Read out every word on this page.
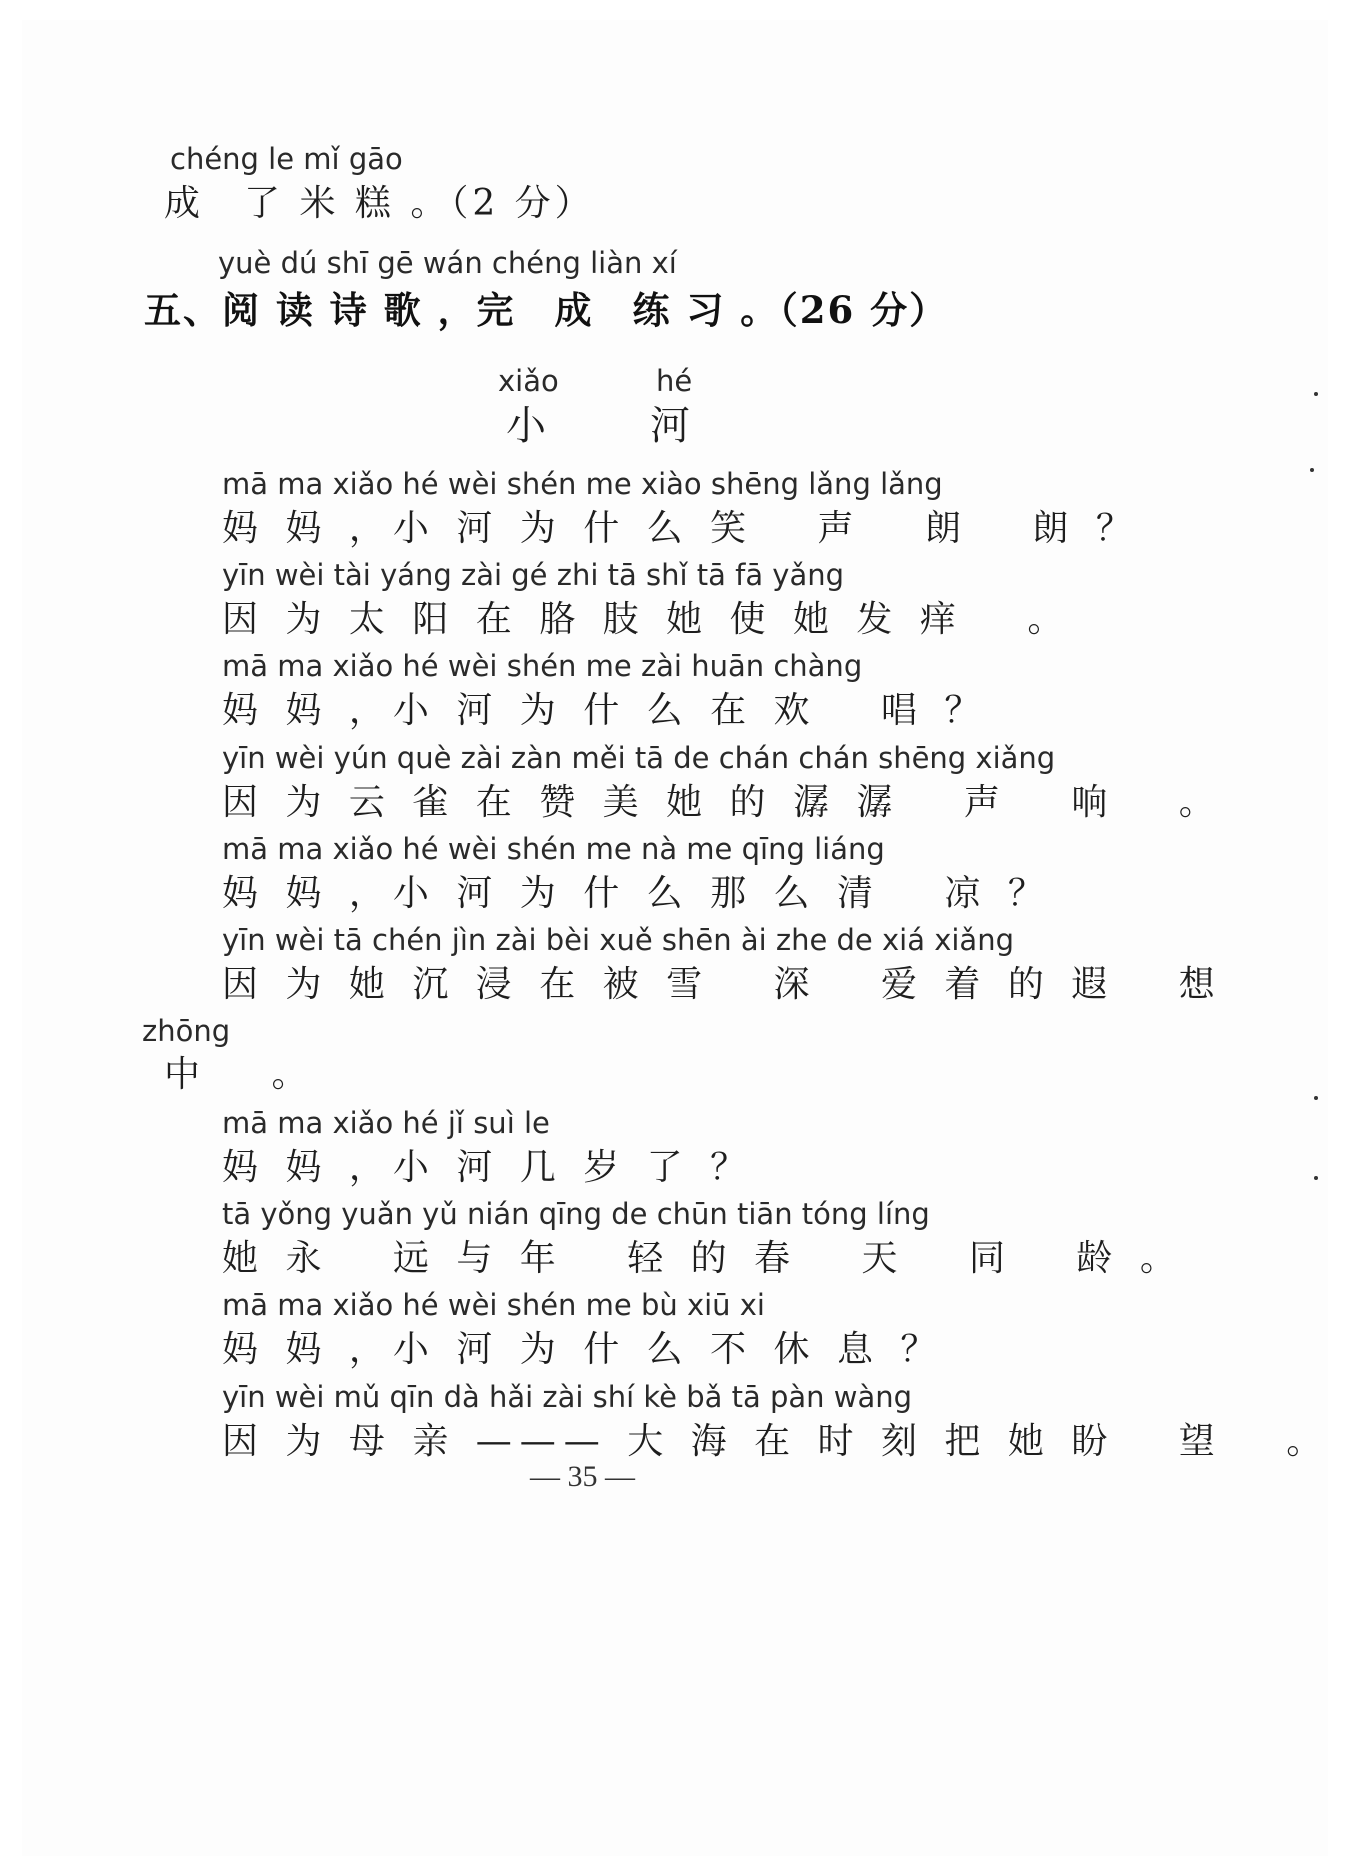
chéng le mǐ gāo
成　了 米 糕 。（2 分）
yuè dú shī gē wán chéng liàn xí
五、阅 读 诗 歌 ，完　成　练 习 。（26 分）
xiǎo	hé
小	河
mā ma xiǎo hé wèi shén me xiào shēng lǎng lǎng
妈 妈 ，小 河 为 什 么 笑 　声 　朗 　朗 ？
yīn wèi tài yáng zài gé zhi tā shǐ tā fā yǎng
因 为 太 阳 在 胳 肢 她 使 她 发 痒 　。
mā ma xiǎo hé wèi shén me zài huān chàng
妈 妈 ，小 河 为 什 么 在 欢 　唱 ？
yīn wèi yún què zài zàn měi tā de chán chán shēng xiǎng
因 为 云 雀 在 赞 美 她 的 潺 潺 　声 　响 　。
mā ma xiǎo hé wèi shén me nà me qīng liáng
妈 妈 ，小 河 为 什 么 那 么 清 　凉 ？
yīn wèi tā chén jìn zài bèi xuě shēn ài zhe de xiá xiǎng
因 为 她 沉 浸 在 被 雪 　深 　爱 着 的 遐 　想
zhōng
中 　。
mā ma xiǎo hé jǐ suì le
妈 妈 ，小 河 几 岁 了 ？
tā yǒng yuǎn yǔ nián qīng de chūn tiān tóng líng
她 永 　远 与 年 　轻 的 春 　天 　同 　龄 。
mā ma xiǎo hé wèi shén me bù xiū xi
妈 妈 ，小 河 为 什 么 不 休 息 ？
yīn wèi mǔ qīn dà hǎi zài shí kè bǎ tā pàn wàng
因 为 母 亲 ——— 大 海 在 时 刻 把 她 盼 　望 　。
— 35 —
